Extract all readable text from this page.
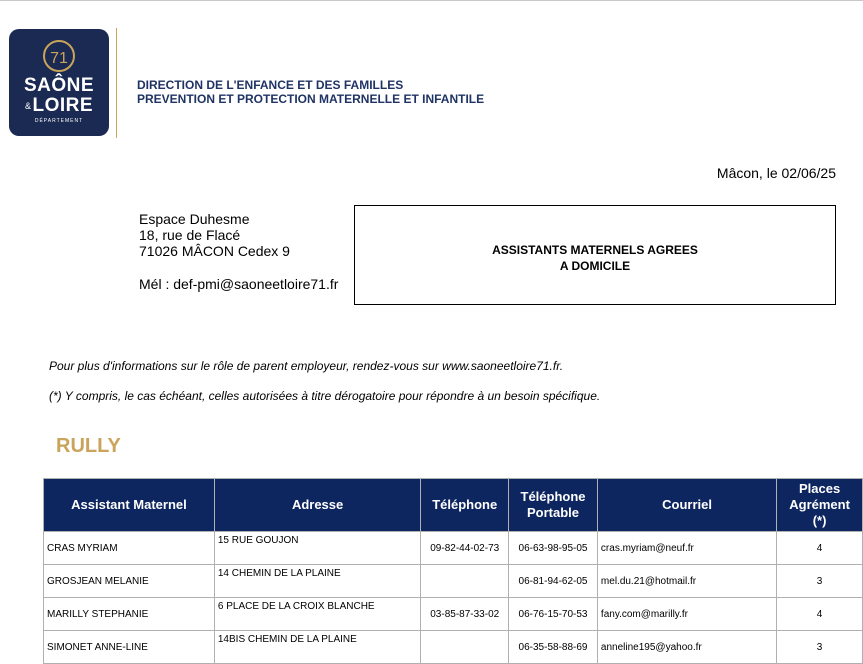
71
SAÔNE
&LOIRE
DÉPARTEMENT
DIRECTION DE L'ENFANCE ET DES FAMILLES
PREVENTION ET PROTECTION MATERNELLE ET INFANTILE
Mâcon, le 02/06/25
Espace Duhesme
18, rue de Flacé
71026 MÂCON Cedex 9
Mél : def-pmi@saoneetloire71.fr
ASSISTANTS MATERNELS AGREES
A DOMICILE
Pour plus d'informations sur le rôle de parent employeur, rendez-vous sur www.saoneetloire71.fr.
(*) Y compris, le cas échéant, celles autorisées à titre dérogatoire pour répondre à un besoin spécifique.
RULLY
Assistant Maternel	Adresse	Téléphone	Téléphone
Portable	Courriel	Places
Agrément
(*)
CRAS MYRIAM	15 RUE GOUJON	09-82-44-02-73	06-63-98-95-05	cras.myriam@neuf.fr	4
GROSJEAN MELANIE	14 CHEMIN DE LA PLAINE		06-81-94-62-05	mel.du.21@hotmail.fr	3
MARILLY STEPHANIE	6 PLACE DE LA CROIX BLANCHE	03-85-87-33-02	06-76-15-70-53	fany.com@marilly.fr	4
SIMONET ANNE-LINE	14BIS CHEMIN DE LA PLAINE		06-35-58-88-69	anneline195@yahoo.fr	3
